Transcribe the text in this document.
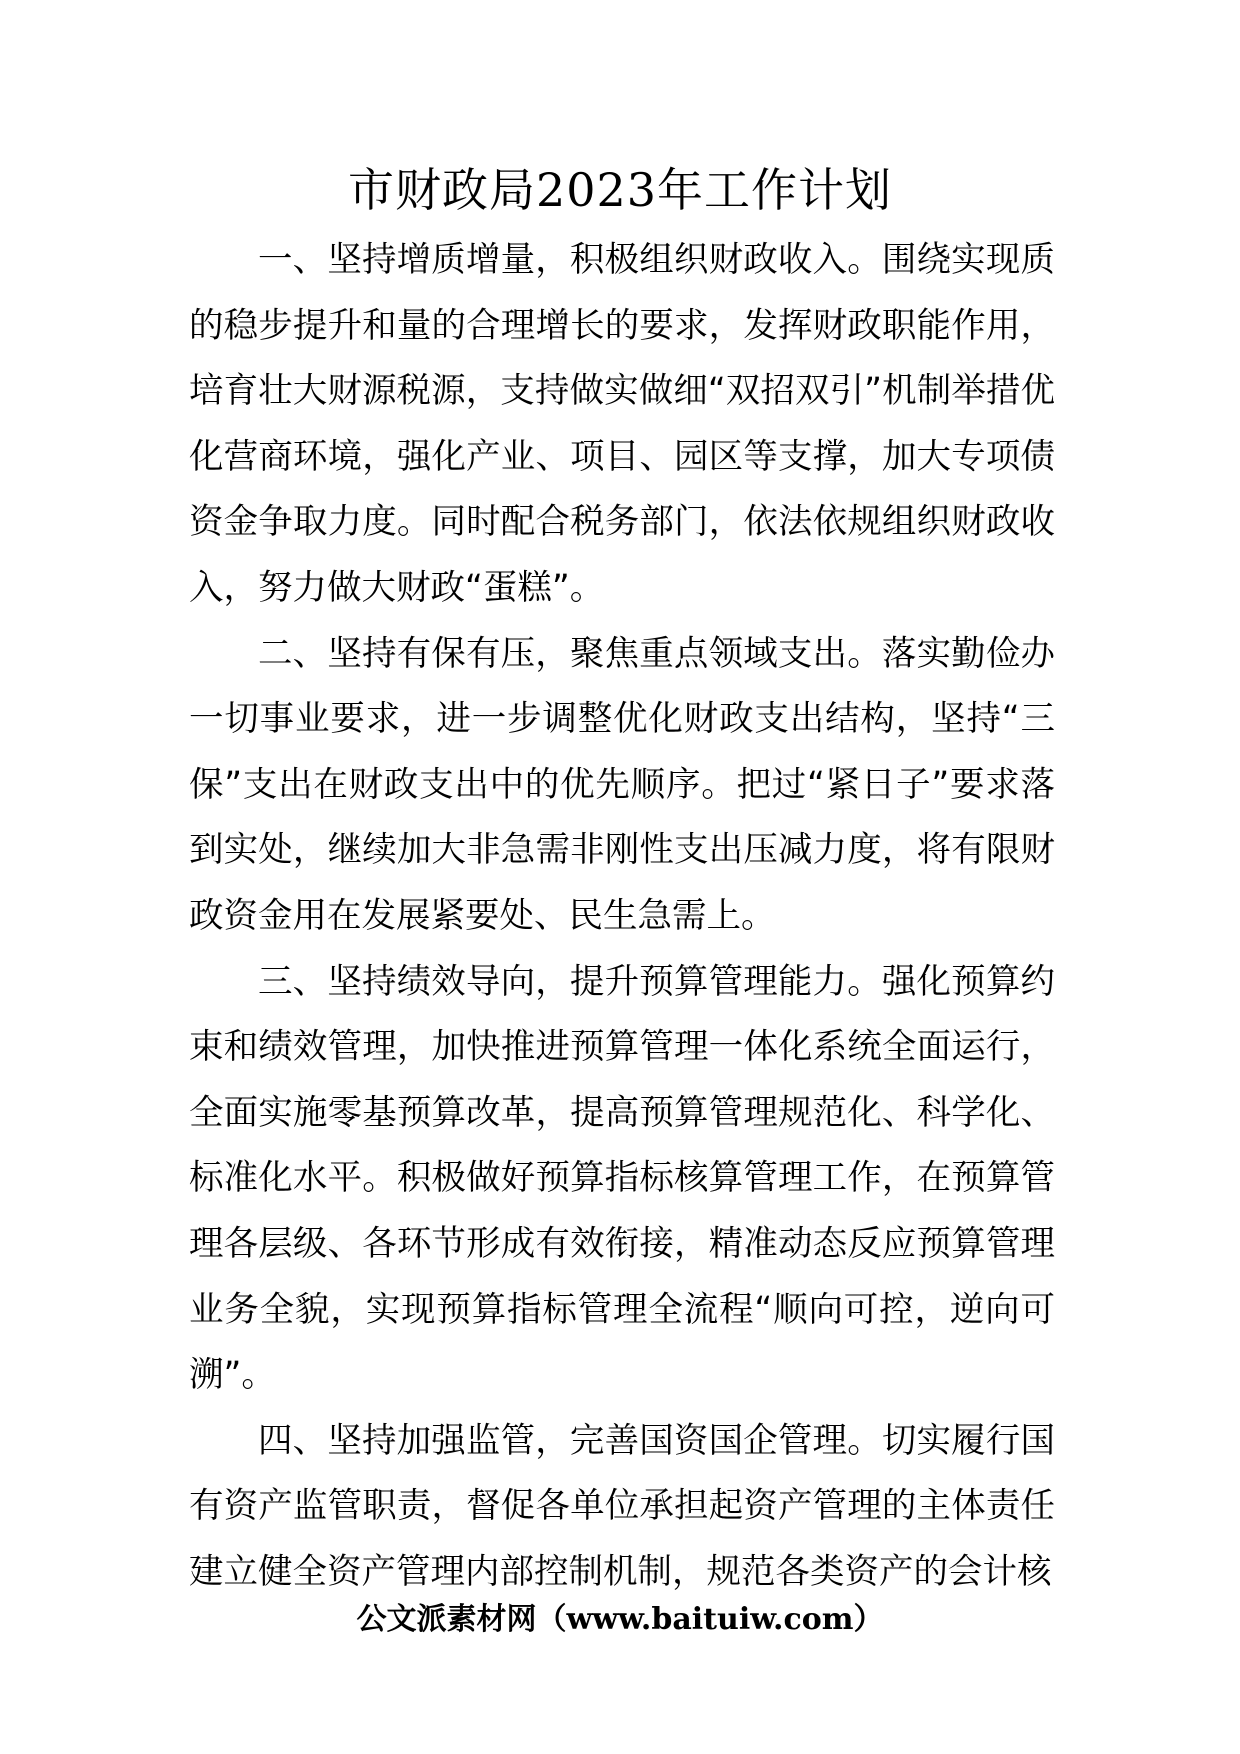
市财政局2023年工作计划

一、坚持增质增量，积极组织财政收入。围绕实现质的稳步提升和量的合理增长的要求，发挥财政职能作用，培育壮大财源税源，支持做实做细“双招双引”机制举措优化营商环境，强化产业、项目、园区等支撑，加大专项债资金争取力度。同时配合税务部门，依法依规组织财政收入，努力做大财政“蛋糕”。

二、坚持有保有压，聚焦重点领域支出。落实勤俭办一切事业要求，进一步调整优化财政支出结构，坚持“三保”支出在财政支出中的优先顺序。把过“紧日子”要求落到实处，继续加大非急需非刚性支出压减力度，将有限财政资金用在发展紧要处、民生急需上。

三、坚持绩效导向，提升预算管理能力。强化预算约束和绩效管理，加快推进预算管理一体化系统全面运行，全面实施零基预算改革，提高预算管理规范化、科学化、标准化水平。积极做好预算指标核算管理工作，在预算管理各层级、各环节形成有效衔接，精准动态反应预算管理业务全貌，实现预算指标管理全流程“顺向可控，逆向可溯”。

四、坚持加强监管，完善国资国企管理。切实履行国有资产监管职责，督促各单位承担起资产管理的主体责任建立健全资产管理内部控制机制，规范各类资产的会计核

公文派素材网（www.baituiw.com）
